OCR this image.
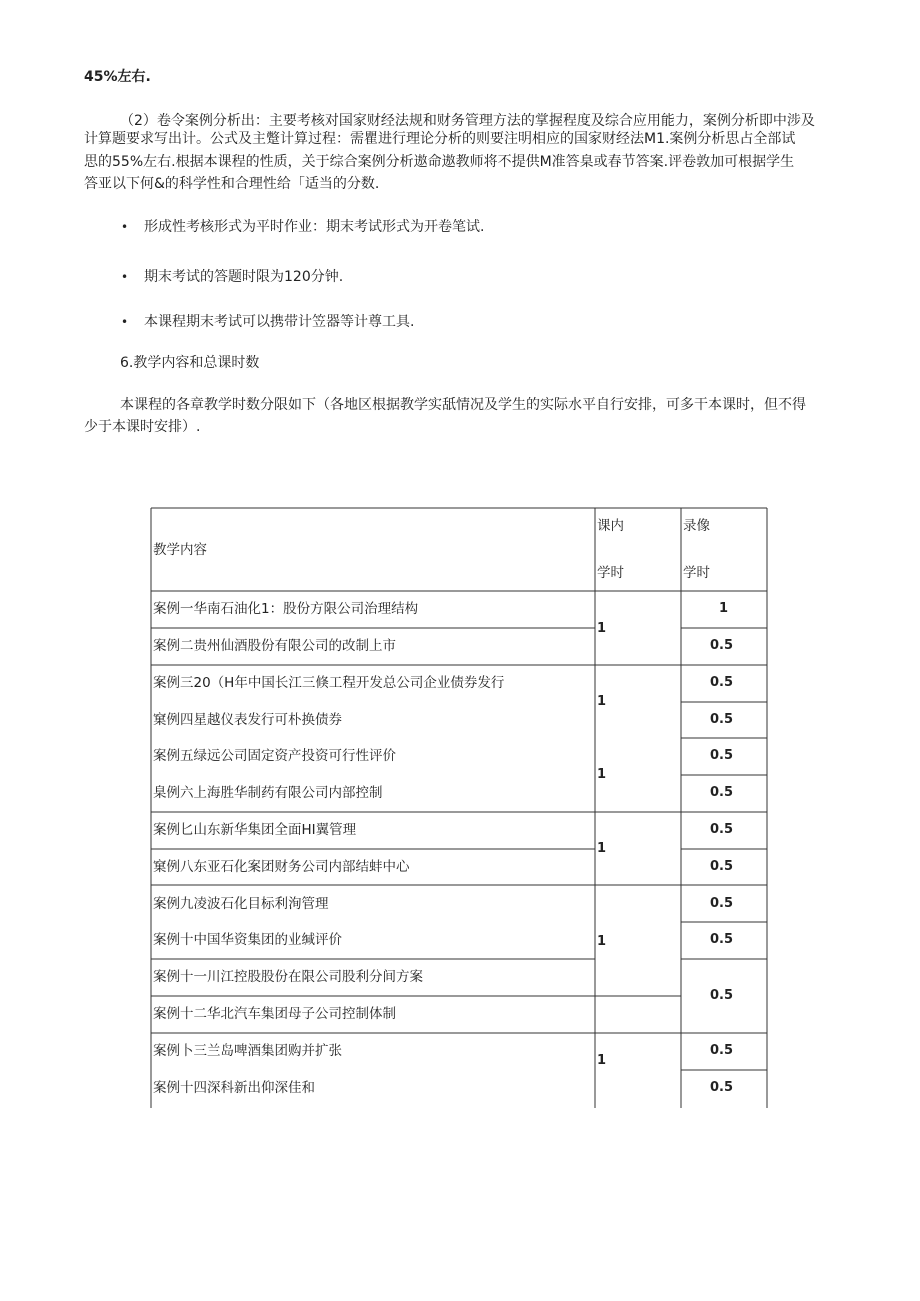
45%左右.
（2）卷令案例分析出：主要考核对国家财经法规和财务管理方法的掌握程度及综合应用能力，案例分析即中涉及
计算题要求写出计。公式及主蹩计算过程：需瞿进行理论分析的则要注明相应的国家财经法M1.案例分析思占全部试
思的55%左右.根据本课程的性质，关于综合案例分析遨命遨教师将不提供M准答臬或春节答案.评卷敦加可根据学生
答亚以下何&的科学性和合理性给「适当的分数.
• 形成性考核形式为平时作业：期末考试形式为开卷笔试.
• 期末考试的答题时限为120分钟.
• 本课程期末考试可以携带计笠器等计尊工具.
6.教学内容和总课时数
本课程的各章教学时数分限如下（各地区根据教学实舐情况及学生的实际水平自行安排，可多干本课时，但不得
少于本课时安排）.
教学内容
课内
学时
录像
学时
案例一华南石油化1：股份方限公司治理结构
案例二贵州仙酒股份有限公司的改制上市
案例三20（H年中国长江三倏工程开发总公司企业债券发行
窠例四星越仪表发行可朴换债券
案例五绿远公司固定资产投资可行性评价
臬例六上海胜华制药有限公司内部控制
案例匕山东新华集团全面HI翼管理
窠例八东亚石化案团财务公司内部结蚌中心
案例九凌波石化目标利洵管理
案例十中国华资集团的业缄评价
案例十一川江控股股份在限公司股利分间方案
案例十二华北汽车集团母子公司控制体制
案例卜三兰岛啤酒集团购并扩张
案例十四深科新出仰深佳和
1
1
1
1
1
1
1
0.5
0.5
0.5
0.5
0.5
0.5
0.5
0.5
0.5
0.5
0.5
0.5
